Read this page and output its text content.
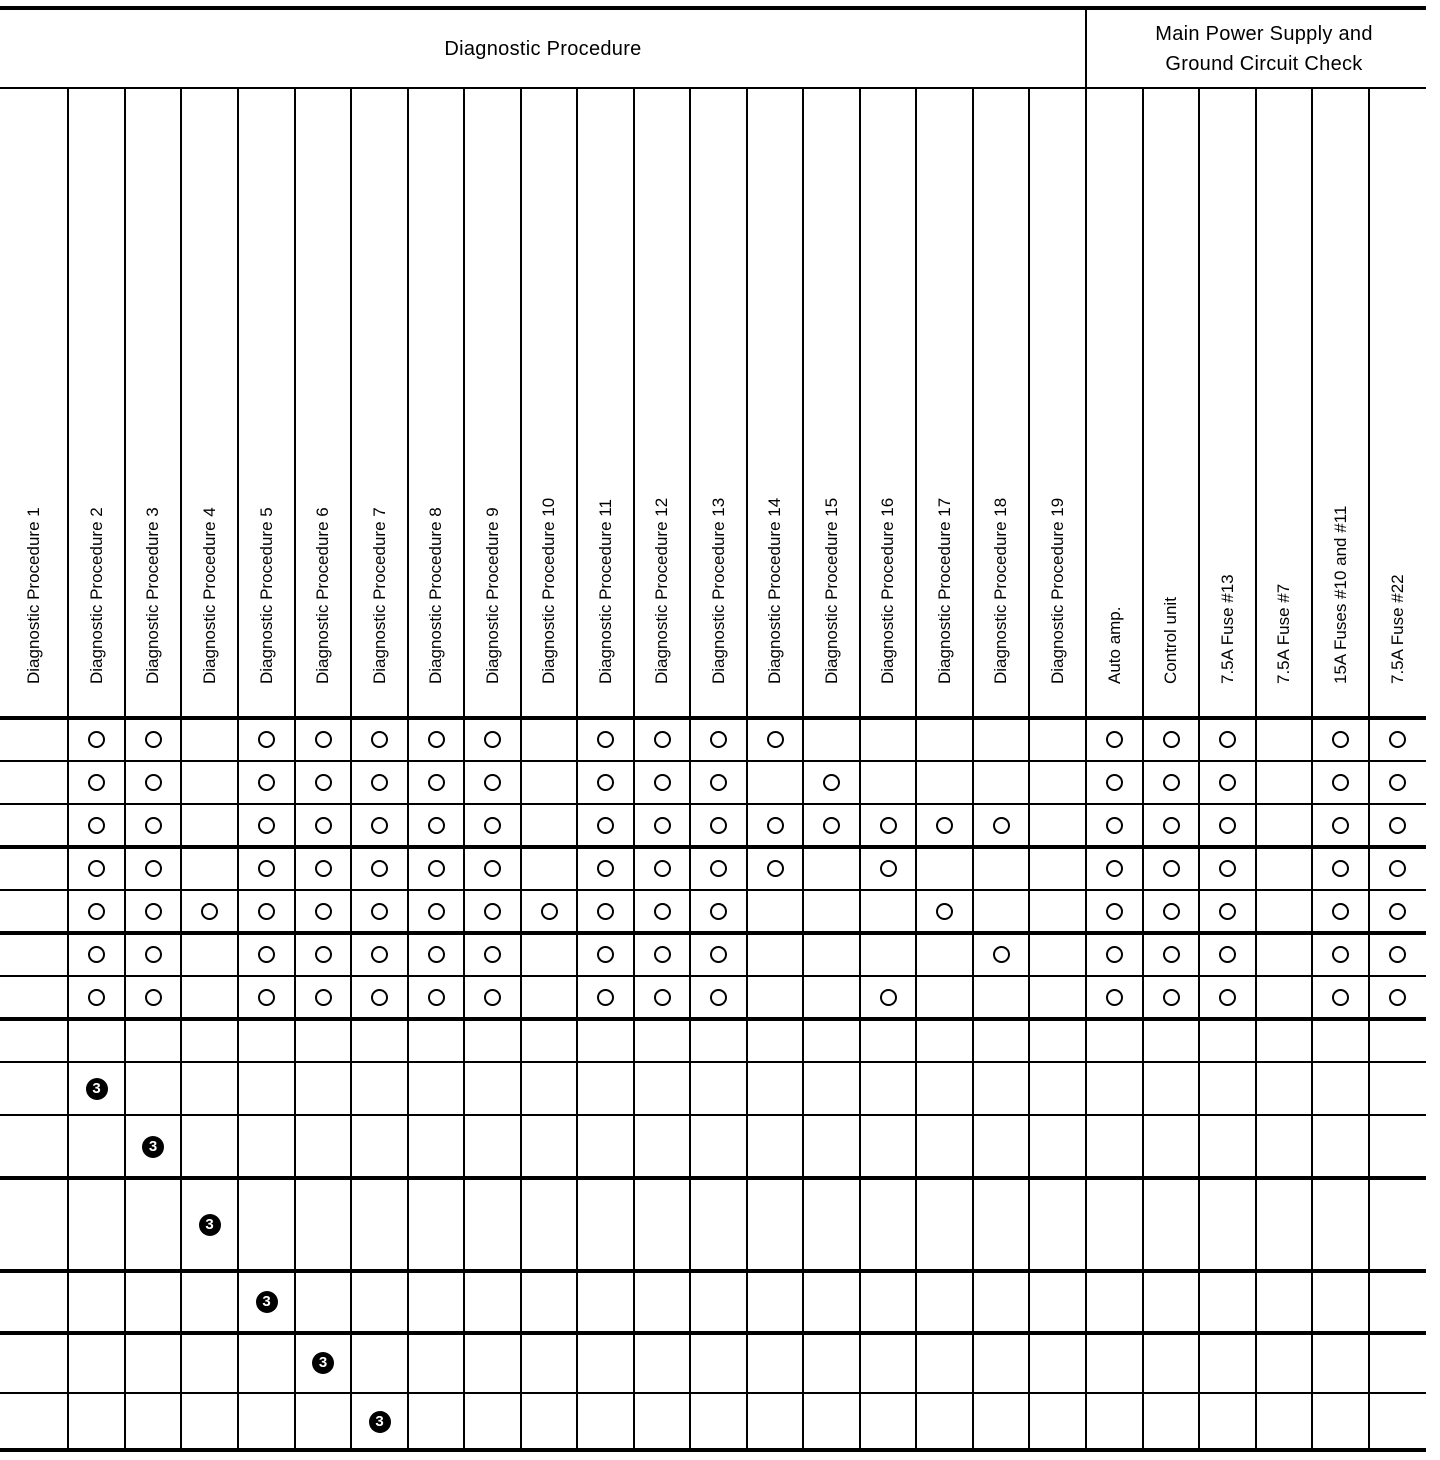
Diagnostic Procedure
Main Power Supply and
Ground Circuit Check
Diagnostic Procedure 1	Diagnostic Procedure 2 Diagnostic Procedure 3 Diagnostic Procedure 4 Diagnostic Procedure 5 Diagnostic Procedure 6 Diagnostic Procedure 7 Diagnostic Procedure 8 Diagnostic Procedure 9 Diagnostic Procedure 10 Diagnostic Procedure 11 Diagnostic Procedure 12 Diagnostic Procedure 13 Diagnostic Procedure 14 Diagnostic Procedure 15 Diagnostic Procedure 16 Diagnostic Procedure 17 Diagnostic Procedure 18 Diagnostic Procedure 19 Auto amp. Control unit 7.5A Fuse #13 7.5A Fuse #7 15A Fuses #10 and #11 7.5A Fuse #22
3
3
3
3
3
3
